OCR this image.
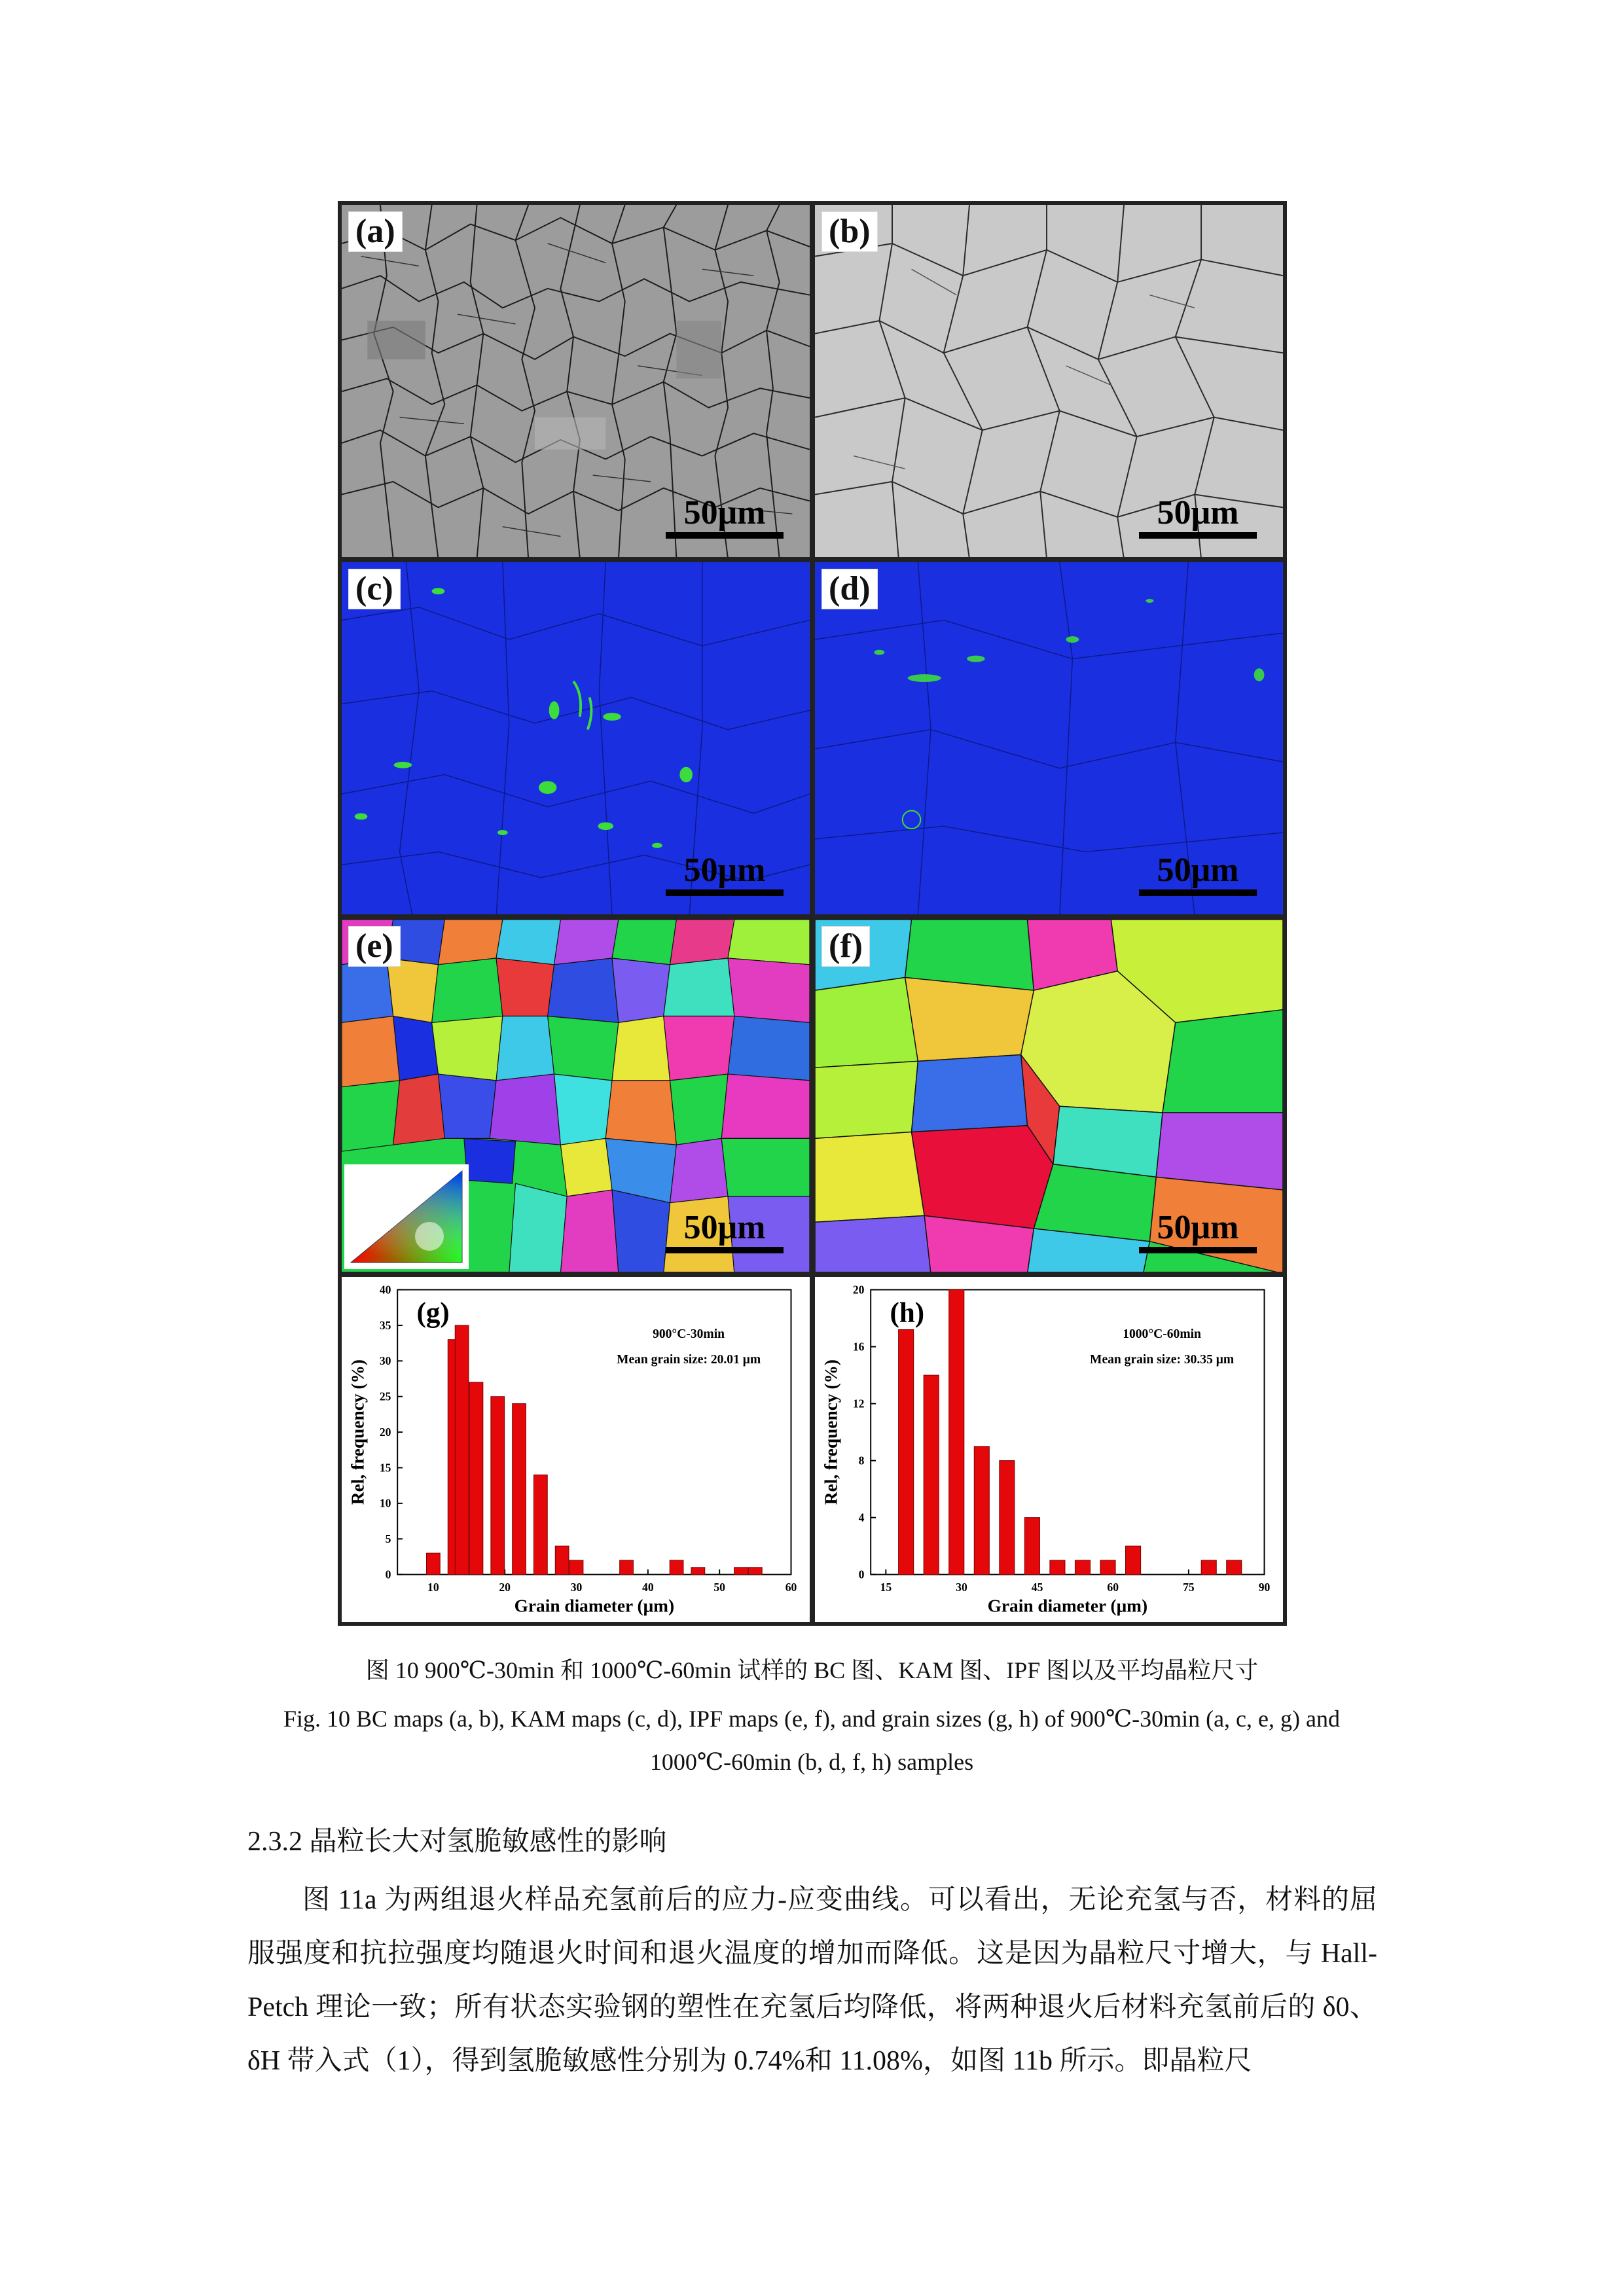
(a)
50μm
(b)
50μm
(c)
50μm
(d)
50μm
(e)
50μm
(f)
50μm
0
5
10
15
20
25
30
35
40
10	20	30	40	50	60
Grain diameter (μm)
Rel, frequency (%)
(g)
900°C-30min
Mean grain size: 20.01 μm
0
4
8
12
16
20
15	30	45	60	75	90
Grain diameter (μm)
Rel, frequency (%)
(h)
1000°C-60min
Mean grain size: 30.35 μm
图 10 900℃-30min 和 1000℃-60min 试样的 BC 图、KAM 图、IPF 图以及平均晶粒尺寸
Fig. 10 BC maps (a, b), KAM maps (c, d), IPF maps (e, f), and grain sizes (g, h) of 900℃-30min (a, c, e, g) and
1000℃-60min (b, d, f, h) samples
2.3.2 晶粒长大对氢脆敏感性的影响
图 11a 为两组退火样品充氢前后的应力-应变曲线。可以看出，无论充氢与否，材料的屈服强度和抗拉强度均随退火时间和退火温度的增加而降低。这是因为晶粒尺寸增大，与 Hall-Petch 理论一致；所有状态实验钢的塑性在充氢后均降低，将两种退火后材料充氢前后的 δ0、δH 带入式（1），得到氢脆敏感性分别为 0.74%和 11.08%，如图 11b 所示。即晶粒尺
